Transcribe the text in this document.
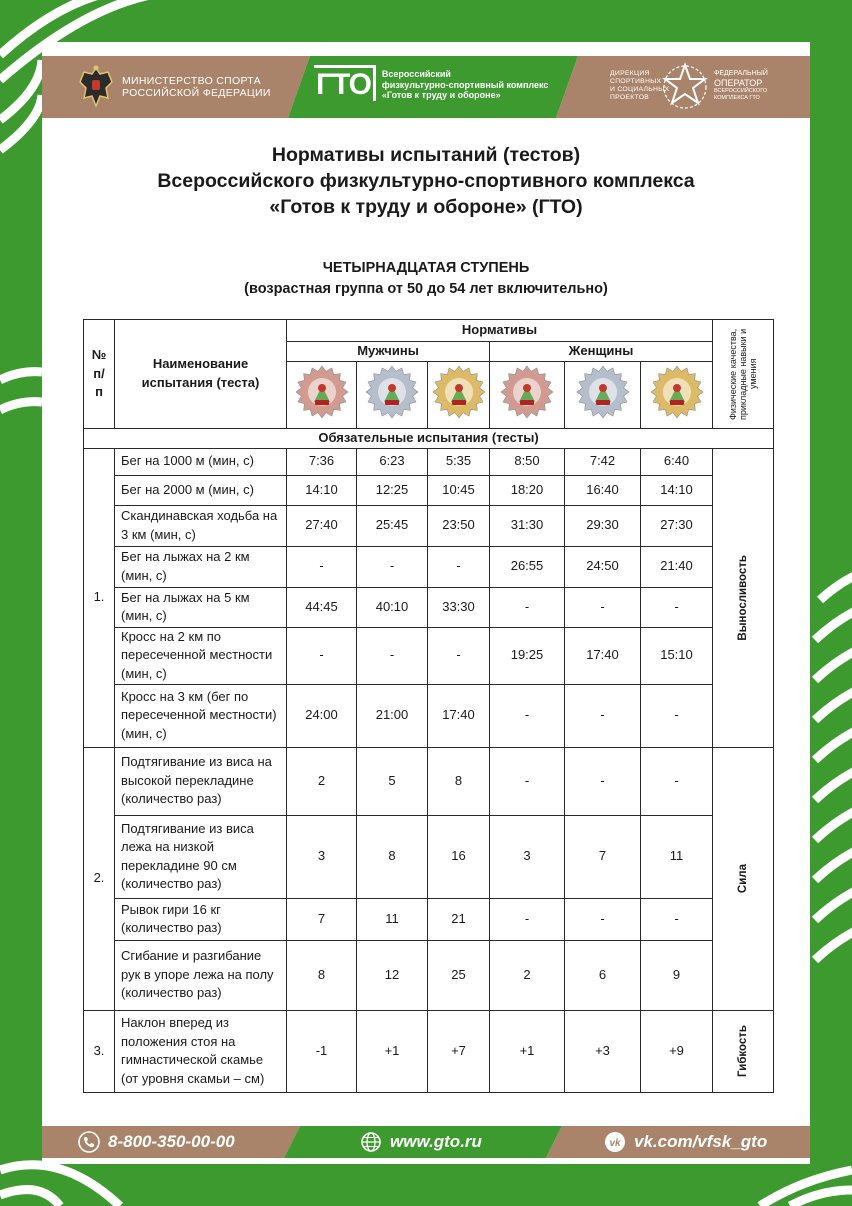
МИНИСТЕРСТВО СПОРТА
РОССИЙСКОЙ ФЕДЕРАЦИИ ГТО	Всероссийский
физкультурно-спортивный комплекс
«Готов к труду и обороне»
ДИРЕКЦИЯ
СПОРТИВНЫХ
И СОЦИАЛЬНЫХ
ПРОЕКТОВ
ФЕДЕРАЛЬНЫЙ
ОПЕРАТОР
ВСЕРОССИЙСКОГО
КОМПЛЕКСА ГТО
Нормативы испытаний (тестов)
Всероссийского физкультурно-спортивного комплекса
«Готов к труду и обороне» (ГТО)
ЧЕТЫРНАДЦАТАЯ СТУПЕНЬ
(возрастная группа от 50 до 54 лет включительно)
№ п/п	Наименование испытания (теста)	Нормативы						Физические качества, прикладные навыки и умения

		Мужчины			Женщины			

Обязательные испытания (тесты)								
1.	Бег на 1000 м (мин, с)	7:36	6:23	5:35	8:50	7:42	6:40	Выносливость

	Бег на 2000 м (мин, с)	14:10	12:25	10:45	18:20	16:40	14:10	
	Скандинавская ходьба на 3 км (мин, с)	27:40	25:45	23:50	31:30	29:30	27:30	
	Бег на лыжах на 2 км (мин, с)	-	-	-	26:55	24:50	21:40	
	Бег на лыжах на 5 км (мин, с)	44:45	40:10	33:30	-	-	-	
	Кросс на 2 км по пересеченной местности (мин, с)	-	-	-	19:25	17:40	15:10	
	Кросс на 3 км (бег по пересеченной местности) (мин, с)	24:00	21:00	17:40	-	-	-	
2.	Подтягивание из виса на высокой перекладине (количество раз)	2	5	8	-	-	-	Сила

	Подтягивание из виса лежа на низкой перекладине 90 см (количество раз)	3	8	16	3	7	11	
	Рывок гири 16 кг (количество раз)	7	11	21	-	-	-	
	Сгибание и разгибание рук в упоре лежа на полу (количество раз)	8	12	25	2	6	9	
3.	Наклон вперед из положения стоя на гимнастической скамье (от уровня скамьи – см)	-1	+1	+7	+1	+3	+9	Гибкость
8-800-350-00-00	www.gto.ru	vk vk.com/vfsk_gto
